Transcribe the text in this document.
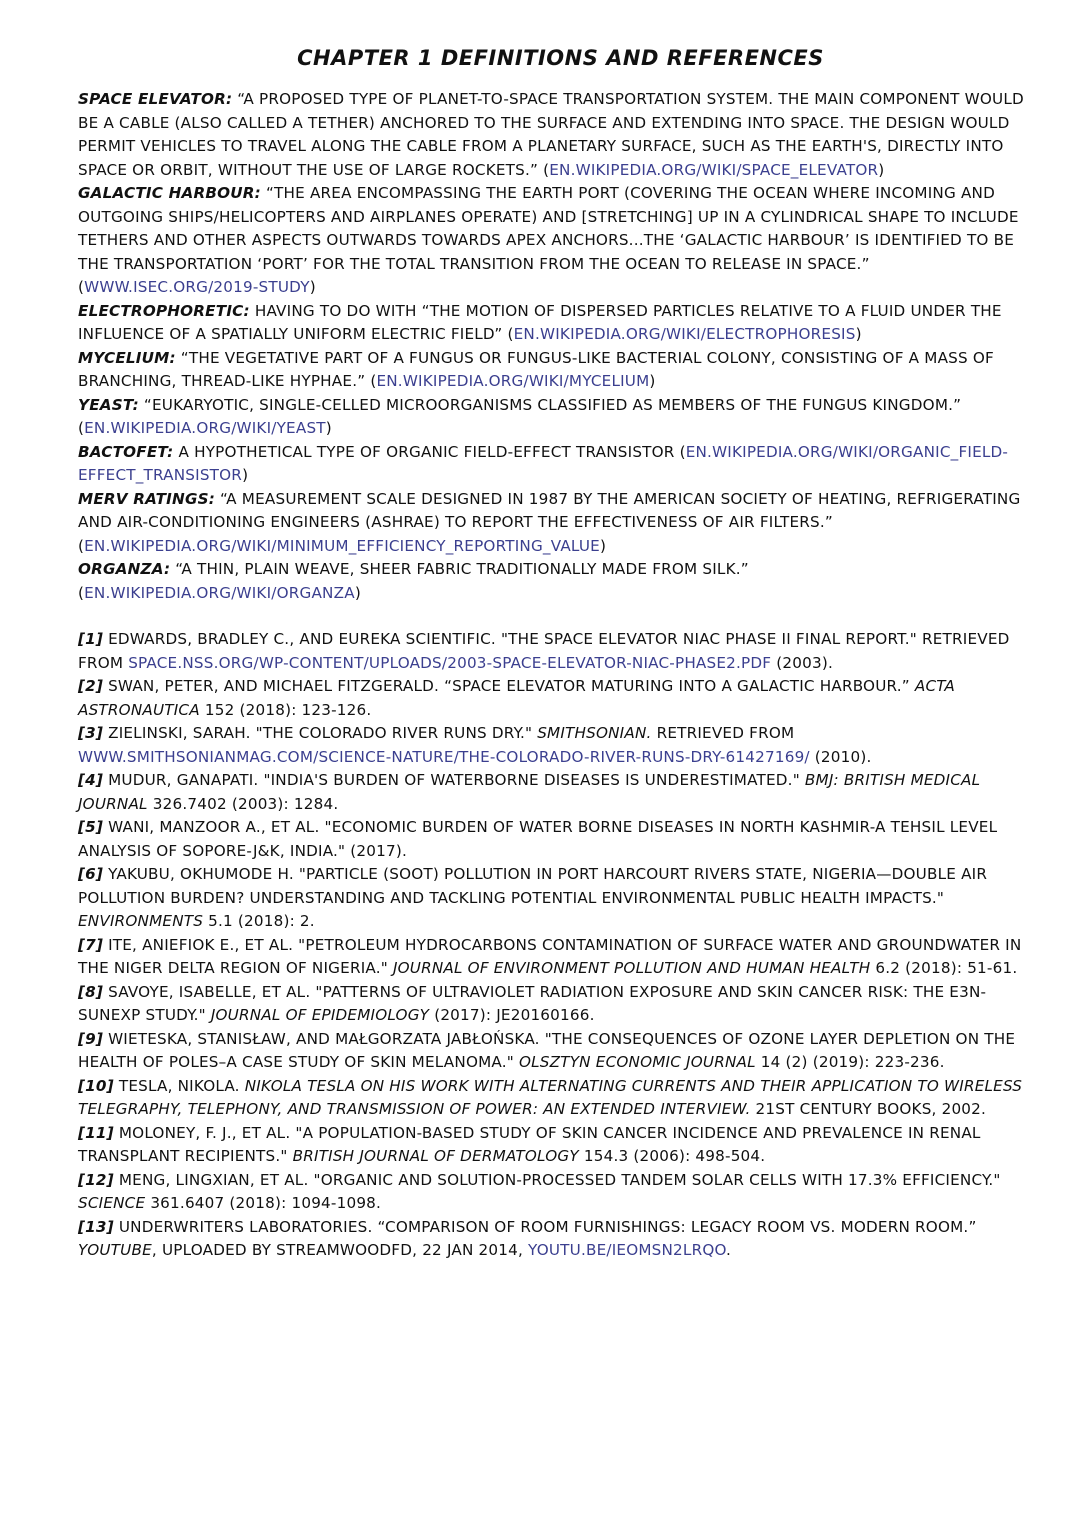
CHAPTER 1 DEFINITIONS AND REFERENCES

SPACE ELEVATOR: “A PROPOSED TYPE OF PLANET-TO-SPACE TRANSPORTATION SYSTEM. THE MAIN COMPONENT WOULD BE A CABLE (ALSO CALLED A TETHER) ANCHORED TO THE SURFACE AND EXTENDING INTO SPACE. THE DESIGN WOULD PERMIT VEHICLES TO TRAVEL ALONG THE CABLE FROM A PLANETARY SURFACE, SUCH AS THE EARTH'S, DIRECTLY INTO SPACE OR ORBIT, WITHOUT THE USE OF LARGE ROCKETS.” (EN.WIKIPEDIA.ORG/WIKI/SPACE_ELEVATOR)

GALACTIC HARBOUR: “THE AREA ENCOMPASSING THE EARTH PORT (COVERING THE OCEAN WHERE INCOMING AND OUTGOING SHIPS/HELICOPTERS AND AIRPLANES OPERATE) AND [STRETCHING] UP IN A CYLINDRICAL SHAPE TO INCLUDE TETHERS AND OTHER ASPECTS OUTWARDS TOWARDS APEX ANCHORS...THE ‘GALACTIC HARBOUR’ IS IDENTIFIED TO BE THE TRANSPORTATION ‘PORT’ FOR THE TOTAL TRANSITION FROM THE OCEAN TO RELEASE IN SPACE.” (WWW.ISEC.ORG/2019-STUDY)

ELECTROPHORETIC: HAVING TO DO WITH “THE MOTION OF DISPERSED PARTICLES RELATIVE TO A FLUID UNDER THE INFLUENCE OF A SPATIALLY UNIFORM ELECTRIC FIELD” (EN.WIKIPEDIA.ORG/WIKI/ELECTROPHORESIS)

MYCELIUM: “THE VEGETATIVE PART OF A FUNGUS OR FUNGUS-LIKE BACTERIAL COLONY, CONSISTING OF A MASS OF BRANCHING, THREAD-LIKE HYPHAE.” (EN.WIKIPEDIA.ORG/WIKI/MYCELIUM)

YEAST: “EUKARYOTIC, SINGLE-CELLED MICROORGANISMS CLASSIFIED AS MEMBERS OF THE FUNGUS KINGDOM.” (EN.WIKIPEDIA.ORG/WIKI/YEAST)

BACTOFET: A HYPOTHETICAL TYPE OF ORGANIC FIELD-EFFECT TRANSISTOR (EN.WIKIPEDIA.ORG/WIKI/ORGANIC_FIELD-EFFECT_TRANSISTOR)

MERV RATINGS: “A MEASUREMENT SCALE DESIGNED IN 1987 BY THE AMERICAN SOCIETY OF HEATING, REFRIGERATING AND AIR-CONDITIONING ENGINEERS (ASHRAE) TO REPORT THE EFFECTIVENESS OF AIR FILTERS.” (EN.WIKIPEDIA.ORG/WIKI/MINIMUM_EFFICIENCY_REPORTING_VALUE)

ORGANZA: “A THIN, PLAIN WEAVE, SHEER FABRIC TRADITIONALLY MADE FROM SILK.” (EN.WIKIPEDIA.ORG/WIKI/ORGANZA)

[1] EDWARDS, BRADLEY C., AND EUREKA SCIENTIFIC. "THE SPACE ELEVATOR NIAC PHASE II FINAL REPORT." RETRIEVED FROM SPACE.NSS.ORG/WP-CONTENT/UPLOADS/2003-SPACE-ELEVATOR-NIAC-PHASE2.PDF (2003).

[2] SWAN, PETER, AND MICHAEL FITZGERALD. “SPACE ELEVATOR MATURING INTO A GALACTIC HARBOUR.” ACTA ASTRONAUTICA 152 (2018): 123-126.

[3] ZIELINSKI, SARAH. "THE COLORADO RIVER RUNS DRY." SMITHSONIAN. RETRIEVED FROM WWW.SMITHSONIANMAG.COM/SCIENCE-NATURE/THE-COLORADO-RIVER-RUNS-DRY-61427169/ (2010).

[4] MUDUR, GANAPATI. "INDIA'S BURDEN OF WATERBORNE DISEASES IS UNDERESTIMATED." BMJ: BRITISH MEDICAL JOURNAL 326.7402 (2003): 1284.

[5] WANI, MANZOOR A., ET AL. "ECONOMIC BURDEN OF WATER BORNE DISEASES IN NORTH KASHMIR-A TEHSIL LEVEL ANALYSIS OF SOPORE-J&K, INDIA." (2017).

[6] YAKUBU, OKHUMODE H. "PARTICLE (SOOT) POLLUTION IN PORT HARCOURT RIVERS STATE, NIGERIA—DOUBLE AIR POLLUTION BURDEN? UNDERSTANDING AND TACKLING POTENTIAL ENVIRONMENTAL PUBLIC HEALTH IMPACTS." ENVIRONMENTS 5.1 (2018): 2.

[7] ITE, ANIEFIOK E., ET AL. "PETROLEUM HYDROCARBONS CONTAMINATION OF SURFACE WATER AND GROUNDWATER IN THE NIGER DELTA REGION OF NIGERIA." JOURNAL OF ENVIRONMENT POLLUTION AND HUMAN HEALTH 6.2 (2018): 51-61.

[8] SAVOYE, ISABELLE, ET AL. "PATTERNS OF ULTRAVIOLET RADIATION EXPOSURE AND SKIN CANCER RISK: THE E3N-SUNEXP STUDY." JOURNAL OF EPIDEMIOLOGY (2017): JE20160166.

[9] WIETESKA, STANISŁAW, AND MAŁGORZATA JABŁOŃSKA. "THE CONSEQUENCES OF OZONE LAYER DEPLETION ON THE HEALTH OF POLES–A CASE STUDY OF SKIN MELANOMA." OLSZTYN ECONOMIC JOURNAL 14 (2) (2019): 223-236.

[10] TESLA, NIKOLA. NIKOLA TESLA ON HIS WORK WITH ALTERNATING CURRENTS AND THEIR APPLICATION TO WIRELESS TELEGRAPHY, TELEPHONY, AND TRANSMISSION OF POWER: AN EXTENDED INTERVIEW. 21ST CENTURY BOOKS, 2002.

[11] MOLONEY, F. J., ET AL. "A POPULATION-BASED STUDY OF SKIN CANCER INCIDENCE AND PREVALENCE IN RENAL TRANSPLANT RECIPIENTS." BRITISH JOURNAL OF DERMATOLOGY 154.3 (2006): 498-504.

[12] MENG, LINGXIAN, ET AL. "ORGANIC AND SOLUTION-PROCESSED TANDEM SOLAR CELLS WITH 17.3% EFFICIENCY." SCIENCE 361.6407 (2018): 1094-1098.

[13] UNDERWRITERS LABORATORIES. “COMPARISON OF ROOM FURNISHINGS: LEGACY ROOM VS. MODERN ROOM.” YOUTUBE, UPLOADED BY STREAMWOODFD, 22 JAN 2014, YOUTU.BE/IEOMSN2LRQO.
